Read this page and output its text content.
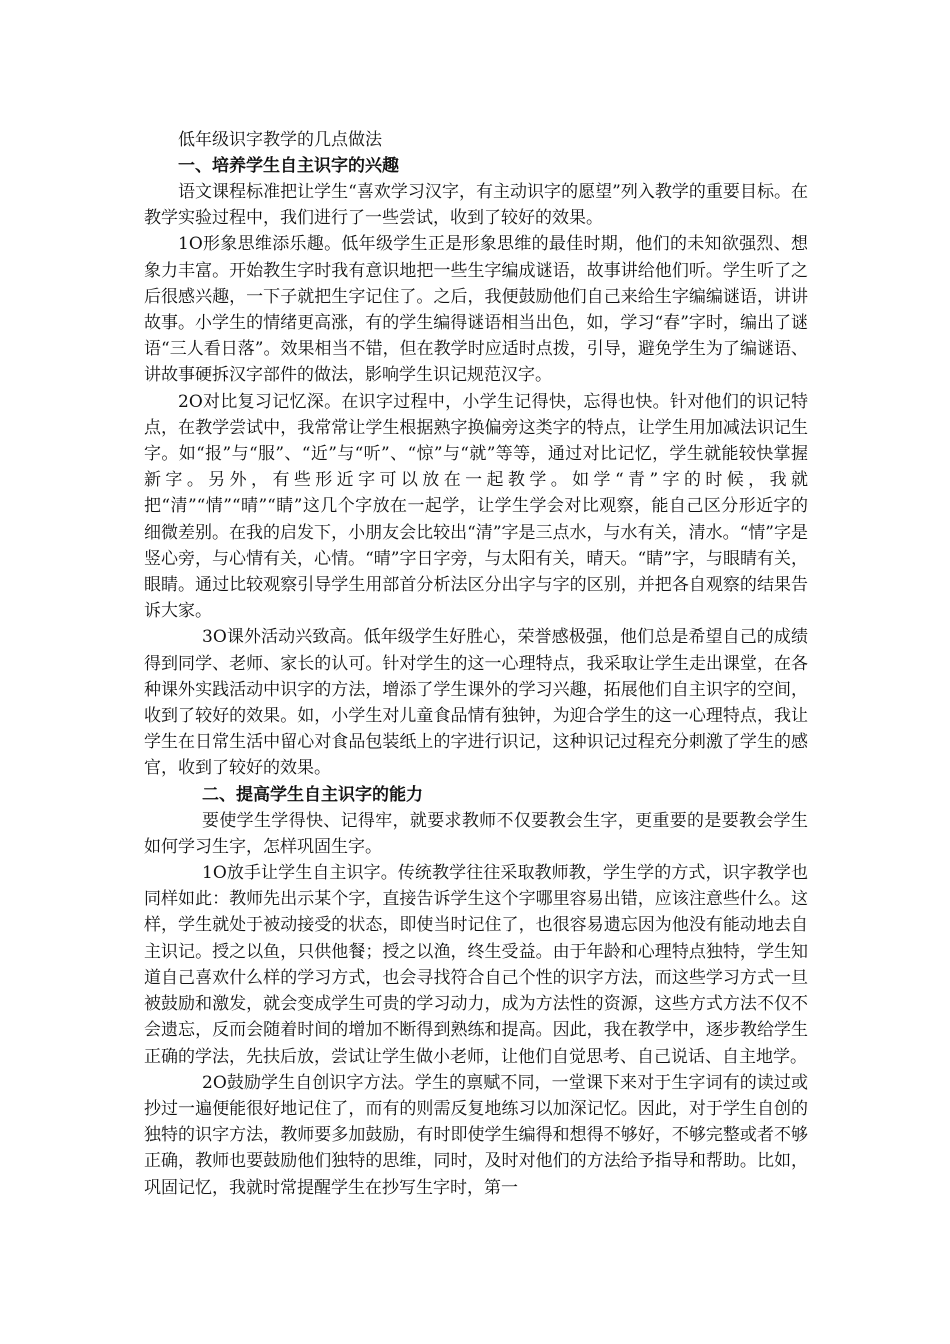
低年级识字教学的几点做法
一、培养学生自主识字的兴趣

语文课程标准把让学生“喜欢学习汉字，有主动识字的愿望”列入教学的重要目标。在教学实验过程中，我们进行了一些尝试，收到了较好的效果。

1O形象思维添乐趣。低年级学生正是形象思维的最佳时期，他们的未知欲强烈、想象力丰富。开始教生字时我有意识地把一些生字编成谜语，故事讲给他们听。学生听了之后很感兴趣，一下子就把生字记住了。之后，我便鼓励他们自己来给生字编编谜语，讲讲故事。小学生的情绪更高涨，有的学生编得谜语相当出色，如，学习“春”字时，编出了谜语“三人看日落”。效果相当不错，但在教学时应适时点拨，引导，避免学生为了编谜语、讲故事硬拆汉字部件的做法，影响学生识记规范汉字。

2O对比复习记忆深。在识字过程中，小学生记得快，忘得也快。针对他们的识记特点，在教学尝试中，我常常让学生根据熟字换偏旁这类字的特点，让学生用加减法识记生字。如“报”与“服”、“近”与“听”、“惊”与“就”等等，通过对比记忆，学生就能较快掌握新字。另外，有些形近字可以放在一起教学。如学“青”字的时候，我就把“清”“情”“晴”“睛”这几个字放在一起学，让学生学会对比观察，能自己区分形近字的细微差别。在我的启发下，小朋友会比较出“清”字是三点水，与水有关，清水。“情”字是竖心旁，与心情有关，心情。“晴”字日字旁，与太阳有关，晴天。“睛”字，与眼睛有关，眼睛。通过比较观察引导学生用部首分析法区分出字与字的区别，并把各自观察的结果告诉大家。

3O课外活动兴致高。低年级学生好胜心，荣誉感极强，他们总是希望自己的成绩得到同学、老师、家长的认可。针对学生的这一心理特点，我采取让学生走出课堂，在各种课外实践活动中识字的方法，增添了学生课外的学习兴趣，拓展他们自主识字的空间，收到了较好的效果。如，小学生对儿童食品情有独钟，为迎合学生的这一心理特点，我让学生在日常生活中留心对食品包装纸上的字进行识记，这种识记过程充分刺激了学生的感官，收到了较好的效果。

二、提高学生自主识字的能力

要使学生学得快、记得牢，就要求教师不仅要教会生字，更重要的是要教会学生如何学习生字，怎样巩固生字。

1O放手让学生自主识字。传统教学往往采取教师教，学生学的方式，识字教学也同样如此：教师先出示某个字，直接告诉学生这个字哪里容易出错，应该注意些什么。这样，学生就处于被动接受的状态，即使当时记住了，也很容易遗忘因为他没有能动地去自主识记。授之以鱼，只供他餐；授之以渔，终生受益。由于年龄和心理特点独特，学生知道自己喜欢什么样的学习方式，也会寻找符合自己个性的识字方法，而这些学习方式一旦被鼓励和激发，就会变成学生可贵的学习动力，成为方法性的资源，这些方式方法不仅不会遗忘，反而会随着时间的增加不断得到熟练和提高。因此，我在教学中，逐步教给学生正确的学法，先扶后放，尝试让学生做小老师，让他们自觉思考、自己说话、自主地学。

2O鼓励学生自创识字方法。学生的禀赋不同，一堂课下来对于生字词有的读过或抄过一遍便能很好地记住了，而有的则需反复地练习以加深记忆。因此，对于学生自创的独特的识字方法，教师要多加鼓励，有时即使学生编得和想得不够好，不够完整或者不够正确，教师也要鼓励他们独特的思维，同时，及时对他们的方法给予指导和帮助。比如，巩固记忆，我就时常提醒学生在抄写生字时，第一
